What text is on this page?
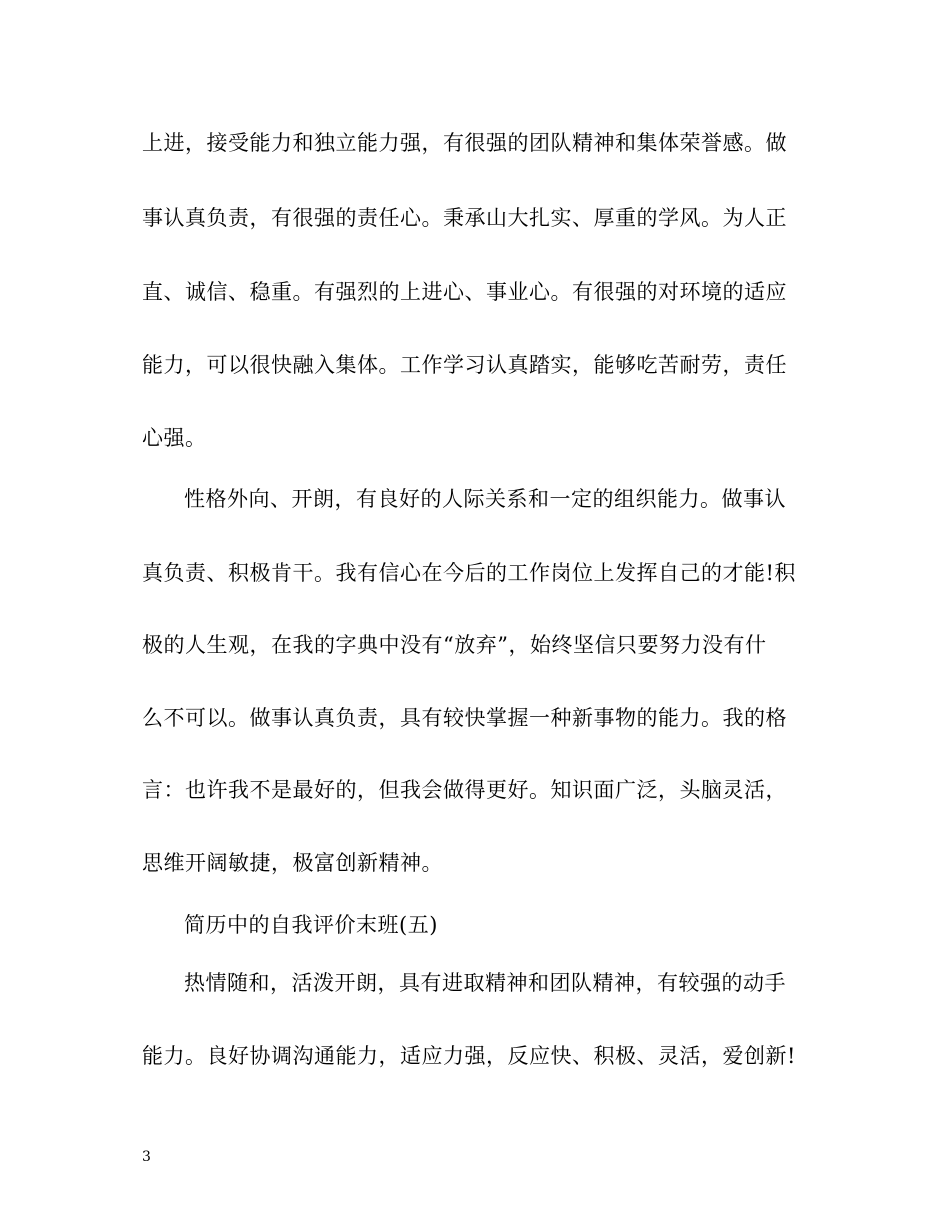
上进，接受能力和独立能力强，有很强的团队精神和集体荣誉感。做
事认真负责，有很强的责任心。秉承山大扎实、厚重的学风。为人正
直、诚信、稳重。有强烈的上进心、事业心。有很强的对环境的适应
能力，可以很快融入集体。工作学习认真踏实，能够吃苦耐劳，责任
心强。
性格外向、开朗，有良好的人际关系和一定的组织能力。做事认
真负责、积极肯干。我有信心在今后的工作岗位上发挥自己的才能!积
极的人生观，在我的字典中没有“放弃”，始终坚信只要努力没有什
么不可以。做事认真负责，具有较快掌握一种新事物的能力。我的格
言：也许我不是最好的，但我会做得更好。知识面广泛，头脑灵活，
思维开阔敏捷，极富创新精神。
简历中的自我评价末班(五)
热情随和，活泼开朗，具有进取精神和团队精神，有较强的动手
能力。良好协调沟通能力，适应力强，反应快、积极、灵活，爱创新!
3
